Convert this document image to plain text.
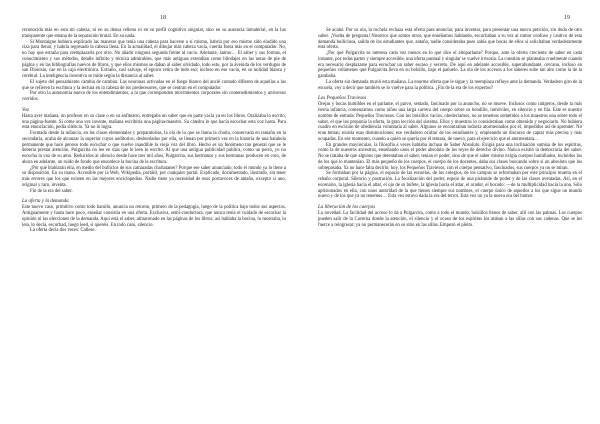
18

reconocida más en esta mi cabeza, ni en su densa relleno ni en su perfil cognitivo singular, sino en su ausencia inmaterial, en la luz transparente que emana de la separación brutal. En su nada.

Si Montaigne hubiera explicado las maneras que tenía una cabeza para hacerse a sí mismo, habría por eso mismo sido eludido una ciza para llenar, y habría regresado la cabeza llena. En la actualidad, el dibujar más cabeza vacía, cuerda fuera más en el computador. No, no hay que estraña para reemplazarla por otro. No añadir ninguna segunda frente al vacío. Adelante, ánimo… El saber y sus formas, el conocimiento y sus métodos, detalle infinito y técnica admirables, que más antiguas extendían como blindajes en las notas de pie de página y en las bibliografías nuevos de libros, y que ellos mismos se daban al saber olvidado, todo esto, por la avenida de los verdugos de san Dionisio, cae en la caja electrónica. Extraño, casi salvaje, el egoico retira de todo eso; incluso en ese vacío, en su nulidad blanca y cerebral. La inteligencia inventiva se mide según la distancia al saber.

El sujeto del pensamiento cambia de cambiar. Las neuronas activadas en el fuego blanco del anclé contado difieren de aquellas a las que se refieren la escritura y la lectura en la cabeza de los predecesores, que se centran en el computador.

Por otro la autonomía nueva de los entendimientos, a la que corresponden movimientos corporales sin contenedimientos y universos corridos.

Voz

Hasta ayer mañana, un profesor en su clase o en su anfiteatro, entregaba un saber que en parte yacía ya en los libros. Oralizaba lo escrito, una página-fuente. Si come una vez invente, mañana escribiría una página-maestro. Su cátedra lo que hacía escuchar esta voz hasta. Para esta enunciación, pedía silencio. Ya no lo logra.

Formada desde la infancia, en las clases elementales y preparatorias, la ola de lo que se llama la charla, conservada en tamaño en la secundaria, acaba de alcanzar la superior cuyos auditorios, desbordados por ella, se llenan por primera vez en la historia de una batahola permanente que hace penoso todo escuchar o que vuelve inaudible la vieja voz del libro. Hecho es un fenómeno tan general que se le debería prestar atención. Pulgarcita no lee en más que le leen lo escrito. Al que una antigua publicidad publica, como un perro, yo no escucha la voz de su amo. Reducidos al silencio desde hace tres mil años, Pulgarcita, sus hermanos y sus hermanas producen en coro, de ahora en adelante, un ruido de fondo que ensordece la bocina de la escritura.

¿Por qué blablarán ella, en medio del bullicios de sus camaradas charlatanes? Porque ese saber anunciado, todo el mundo ya lo tiene a su disposición. En su mano. Accesible por la Web, Wikipedia, portátil, por cualquier portal. Explicado, documentado, ilustrado, sin tener más errores que los que existen en las mejores enciclopedias. Nadie tiene ya necesidad de esos portavoces de antaño, excepto si uno, original y raro, inventa.

Fin de la era del saber.

La oferta y la demanda

Este nuevo caso, primitivo como todo barullo, anuncia un retorno, primero de la pedagogía, luego de la política bajo todos sus aspectos. Antiguamente y hasta hace poco, enseñar consistía en una oferta. Exclusiva, semi-conductora, que nunca tenía el cuidado de escuchar la opinión ni las elecciones de la demanda. Aquí está el saber, almacenado en las páginas de los libros; así hablaba la bocina, lo mostraba, lo leía, lo decía, escuchad, luego leed, si queréis. En todo caso, silencio.

La oferta decía dos veces: Callese.

19

Se acabó. Por su ola, la rochela rechaza esta oferta para anunciar, para inventar, para presentar una nueva petición, sin duda de otro saber. ¡Vuelta de pregunta! Nosotros que somos otros, que enseñamos hablando, escuchaban a su vez al rumor confuso y cautivo de esta demanda bulliciosa, salida de los estudiantes que, antaño, nadie consideraba pues sabía que bocas de ellos si solicitaban verdaderamente esta oferta.

¿Por qué Pulgarcita se interesa cada vez menos en lo que dice el altoparlante? Porque, ante la oferta creciente de saber en cada instante, por todas partes y siempre accesible, una oferta puntual y singular se vuelve irrisoria. La cuestión se planteaba cruelmente cuando era necesario desplazarse para escuchar un saber escaso y secreto. De aquí en adelante accesible, superabundante, cercano, incluso en pequeños volúmenes que Pulgarcita lleva en su bolsillo, bajo el pañuelo. La ola de los accesos a los saberes sube tan alto como la de la garabaña.

La oferta sin demanda murió esta mañana. La enorme oferta que le sigue y la reemplaza refluye ante la demanda. Verdadero giro de la escuela, voy a decir que también se lo vuelve para la política. ¿Fin de la era de los expertos?

Los Pequeños Traviesos

Orejas y bocas humildes en el parlante, el parvo, sentado, fascinado por la anuncho, no se mueve. Inclusos como ratigeros, desde la más tierna infancia, comenzamos como niños una larga carrera del cuerpo sobre su bondillo, inmóviles, en silencio y en fila. Este es nuestro nombre de entrada: Pequeños Traviesos. Con los bolsillos vacíos, obedecíamos, no se tenemos sometidos a los maestros una sobre todo el saber, el que los proponía la oferta, la gran lección del sistema. Ellos y muestros lo consideraban como obtenido y negociarlo. No hubiera cuadro en escisión de obediencia voluntaria al saber. Algunos se encontraban todavía atormentados por él, impedidos así de aprender. No eran temas; existía esas disminuciones; ese verdadero ocultar de los estudiantes y, empleando un discurso de captar más precisa y más ocupadas. En ese momento, cuando a quien se quería por él tentara, de nuevo, para el ejercicio que el atormentara…

En grandes mayúsculas, la filosofía a veces hablaba incluso de Saber Absoluto. Exigía para una inclinación sumisa de los espíritus, como la de nuestros ancestros, enseñando unos el poder absoluto de los reyes de derecho divino. Nunca existió la democracia del saber. No se trataba de que algunos que detentaban el saber, tenían el poder, sino de que el saber mismo exigía cuerpos humillados, incluidos los de los que lo mantenían. El más pequeño de los cuerpos, el cuerpo de los docentes, daba sus clases buscando sobre sí un absoluto que los sobrepasaba. Ya no hace falta decirlo; hoy, los Pequeños Traviesos, con el cuerpo pensativo, fascinados, sus cuerpos ya no se miran.

Se formaban por la página, el espacio de las escuelas, de los colegios, de los campus se reformaban por este principio muerta en el rebaño corporal. Silencio y postración. La focalización del poder, espejo de una pirámide de poder y de las clases aventadas. Así, en el escenario, la iglesia hacia el altar, el ojo de su bufete, la iglesia hacia el altar, el orador, el bocado: —de la multiplicidad hacia la una. Sólo aprisionados en ella, con unos autoridad de la que tienen siempre sus nombres, el cuerpo único de aquellos a los que sigue un mundo nuevo y de los que ya no tenemos… Esta vez estuvo dada la era del terror. Esta vez no ya la nueva era del humor.

La liberación de los cuerpos

La novedad. La facilidad del acceso lo da a Pulgarcita, como a todo el mundo, bolsillos llenos de saber, allí con las palmas. Los cuerpos pueden salir de la Caverna donde la atención, el silencio y el ocaso de los espíritus los ataban a las sillas con sus cadenas. Que se les fuerce a reingresar; ya no permanecerán en su sitio en las sillas. Empezó el pleito.
